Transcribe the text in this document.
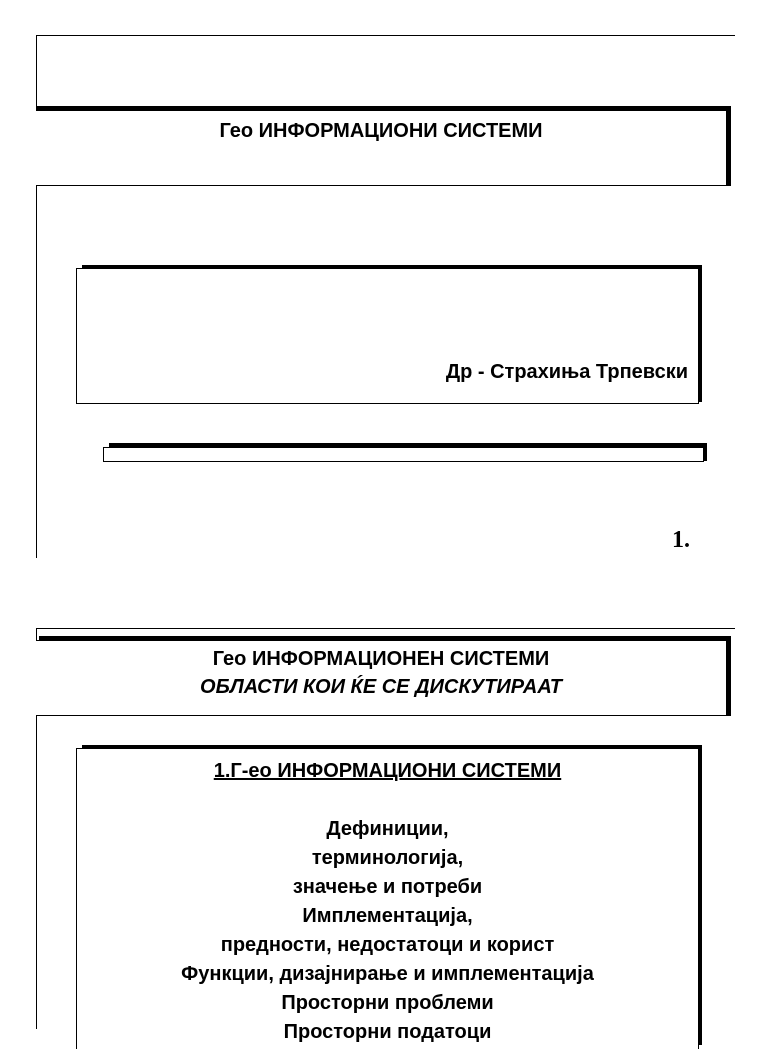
Гео ИНФОРМАЦИОНИ СИСТЕМИ
Др - Страхиња Трпевски
1.
Гео ИНФОРМАЦИОНЕН СИСТЕМИ
ОБЛАСТИ КОИ ЌЕ СЕ ДИСКУТИРААТ
1.Г-ео ИНФОРМАЦИОНИ СИСТЕМИ
Дефиниции,
терминологија,
значење и потреби
Имплементација,
предности, недостатоци и корист
Функции, дизајнирање и имплементација
Просторни проблеми
Просторни податоци
